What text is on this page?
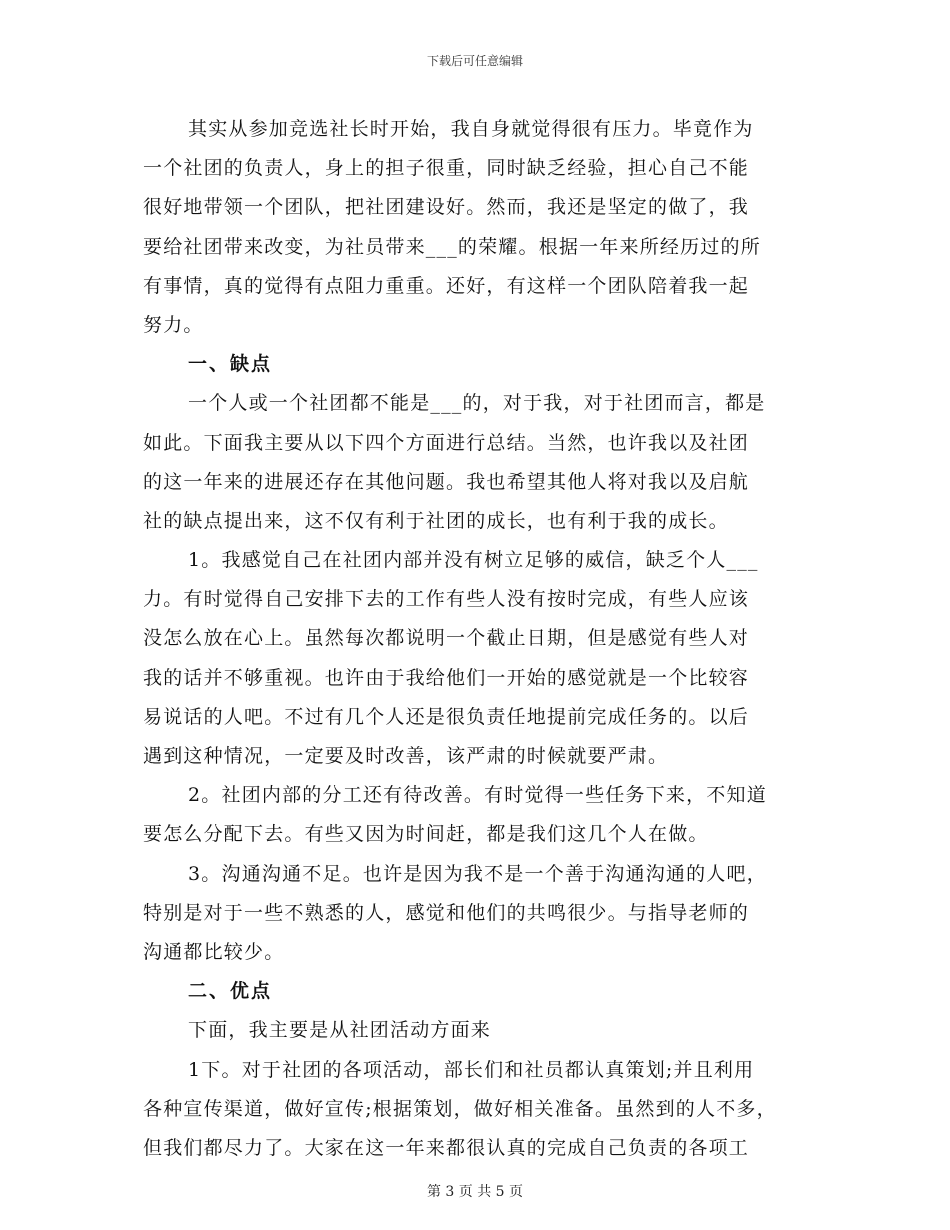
下载后可任意编辑
其实从参加竞选社长时开始，我自身就觉得很有压力。毕竟作为
一个社团的负责人，身上的担子很重，同时缺乏经验，担心自己不能
很好地带领一个团队，把社团建设好。然而，我还是坚定的做了，我
要给社团带来改变，为社员带来___的荣耀。根据一年来所经历过的所
有事情，真的觉得有点阻力重重。还好，有这样一个团队陪着我一起
努力。
一、缺点
一个人或一个社团都不能是___的，对于我，对于社团而言，都是
如此。下面我主要从以下四个方面进行总结。当然，也许我以及社团
的这一年来的进展还存在其他问题。我也希望其他人将对我以及启航
社的缺点提出来，这不仅有利于社团的成长，也有利于我的成长。
1。我感觉自己在社团内部并没有树立足够的威信，缺乏个人___
力。有时觉得自己安排下去的工作有些人没有按时完成，有些人应该
没怎么放在心上。虽然每次都说明一个截止日期，但是感觉有些人对
我的话并不够重视。也许由于我给他们一开始的感觉就是一个比较容
易说话的人吧。不过有几个人还是很负责任地提前完成任务的。以后
遇到这种情况，一定要及时改善，该严肃的时候就要严肃。
2。社团内部的分工还有待改善。有时觉得一些任务下来，不知道
要怎么分配下去。有些又因为时间赶，都是我们这几个人在做。
3。沟通沟通不足。也许是因为我不是一个善于沟通沟通的人吧，
特别是对于一些不熟悉的人，感觉和他们的共鸣很少。与指导老师的
沟通都比较少。
二、优点
下面，我主要是从社团活动方面来
1下。对于社团的各项活动，部长们和社员都认真策划;并且利用
各种宣传渠道，做好宣传;根据策划，做好相关准备。虽然到的人不多，
但我们都尽力了。大家在这一年来都很认真的完成自己负责的各项工
第 3 页 共 5 页
